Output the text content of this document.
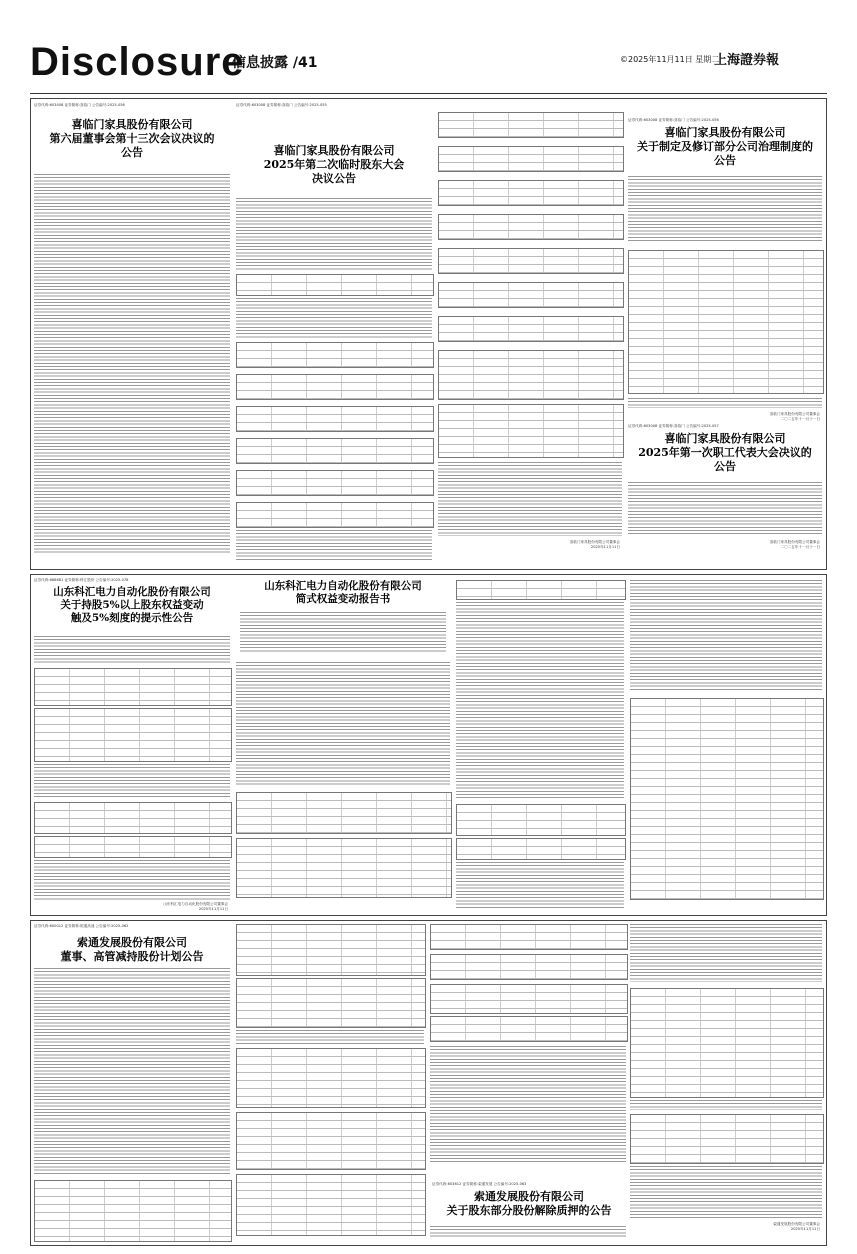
Disclosure
信息披露 /41	©2025年11月11日 星期二
上海證券報
证券代码:603408 证券简称:喜临门 公告编号:2025-056
喜临门家具股份有限公司
第六届董事会第十三次会议决议的
公告
证券代码:603008 证券简称:喜临门 公告编号:2025-055
喜临门家具股份有限公司
2025年第二次临时股东大会
决议公告
喜临门家具股份有限公司董事会
2025年11月11日
证券代码:603008 证券简称:喜临门 公告编号:2025-056
喜临门家具股份有限公司
关于制定及修订部分公司治理制度的
公告
喜临门家具股份有限公司董事会
二〇二五年十一月十一日
证券代码:603008 证券简称:喜临门 公告编号:2025-057
喜临门家具股份有限公司
2025年第一次职工代表大会决议的
公告
喜临门家具股份有限公司董事会
二〇二五年十一月十一日
证券代码:688681 证券简称:科汇股份 公告编号:2025-078
山东科汇电力自动化股份有限公司
关于持股5%以上股东权益变动
触及5%刻度的提示性公告
山东科汇电力自动化股份有限公司董事会
2025年11月11日
山东科汇电力自动化股份有限公司
简式权益变动报告书
证券代码:600012 证券简称:皖通高速 公告编号:2025-062
索通发展股份有限公司
董事、高管减持股份计划公告
证券代码:603612 证券简称:索通发展 公告编号:2025-063
索通发展股份有限公司
关于股东部分股份解除质押的公告
索通发展股份有限公司董事会
2025年11月11日
